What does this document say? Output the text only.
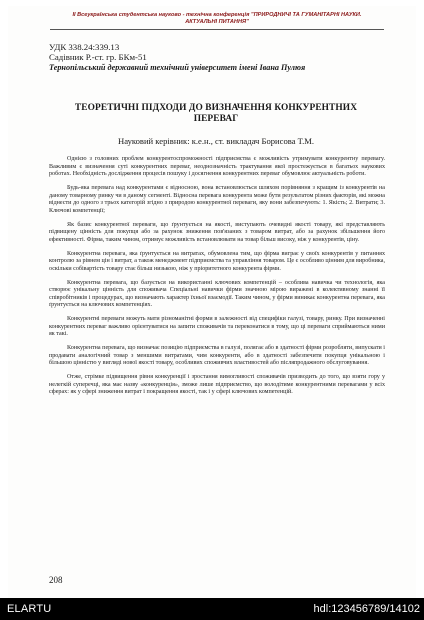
ІІ Всеукраїнська студентська науково - технічна конференція "ПРИРОДНИЧІ ТА ГУМАНІТАРНІ НАУКИ.
АКТУАЛЬНІ ПИТАННЯ"
УДК 338.24:339.13
Садівник Р.-ст. гр. БКм-51
Тернопільський державний технічний університет імені Івана Пулюя
ТЕОРЕТИЧНІ ПІДХОДИ ДО ВИЗНАЧЕННЯ КОНКУРЕНТНИХ ПЕРЕВАГ
Науковий керівник: к.е.н., ст. викладач Борисова Т.М.

Однією з головних проблем конкурентоспроможності підприємства є можливість утримувати конкурентну перевагу. Важливим є визначення суті конкурентних переваг, неоднозначність трактування якої простежується в багатьох наукових роботах. Необхідність дослідження процесів пошуку і досягнення конкурентних переваг обумовлює актуальність роботи.

Будь-яка перевага над конкурентами є відносною, вона встановлюється шляхом порівняння з кращим із конкурентів на даному товарному ринку чи в даному сегменті. Відносна перевага конкурента може бути результатом різних факторів, які можна віднести до одного з трьох категорій згідно з природою конкурентної переваги, яку вони забезпечують: 1. Якість; 2. Витрати; 3. Ключові компетенції;

Як базис конкурентної переваги, що ґрунтується на якості, виступають очевидні якості товару, які представляють підвищену цінність для покупця або за рахунок зниження пов'язаних з товаром витрат, або за рахунок збільшення його ефективності. Фірма, таким чином, отримує можливість встановлювати на товар більш високу, ніж у конкурентів, ціну.

Конкурентна перевага, яка ґрунтується на витратах, обумовлена тим, що фірма виграє у своїх конкурентів у питаннях контролю за рівнем цін і витрат, а також менеджмент підприємства та управління товаром. Це є особливо цінним для виробника, оскільки собівартість товару стає більш низькою, ніж у пріоритетного конкурента фірми.

Конкурентна перевага, що базується на використанні ключових компетенцій – особлива навичка чи технологія, яка створює унікальну цінність для споживача Спеціальні навички фірми значною мірою виражені в колективному знанні її співробітників і процедурах, що визначають характер їхньої взаємодії. Таким чином, у фірми виникає конкурентна перевага, яка ґрунтується на ключових компетенціях.

Конкурентні переваги можуть мати різноманітні форми в залежності від специфіки галузі, товару, ринку. При визначенні конкурентних переваг важливо орієнтуватися на запити споживачів та переконатися в тому, що ці переваги сприймаються ними як такі.

Конкурентна перевага, що визначає позицію підприємства в галузі, полягає або в здатності фірми розробляти, випускати і продавати аналогічний товар з меншими витратами, чим конкуренти, або в здатності забезпечити покупця унікальною і більшою цінністю у вигляді нової якості товару, особливих споживчих властивостей або післяпродажного обслуговування.

Отже, стрімке підвищення рівня конкуренції і зростання вимогливості споживачів призводить до того, що взяти гору у нелегкій суперечці, яка має назву «конкуренція», зможе лише підприємство, що володітиме конкурентними перевагами у всіх сферах: як у сфері зниження витрат і покращення якості, так і у сфері ключових компетенцій.

208
ELARTU	hdl:123456789/14102
